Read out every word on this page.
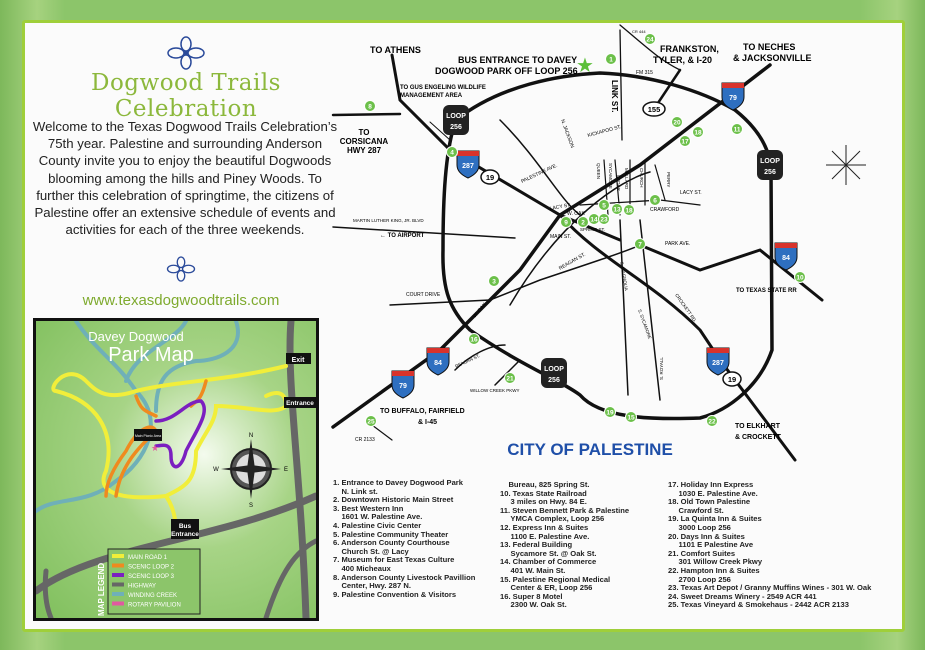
Dogwood Trails Celebration
Welcome to the Texas Dogwood Trails Celebration’s 75th year. Palestine and surrounding Anderson County invite you to enjoy the beautiful Dogwoods blooming among the hills and Piney Woods. To further this celebration of springtime, the citizens of Palestine offer an extensive schedule of events and activities for each of the three weekends.
www.texasdogwoodtrails.com
Davey Dogwood
Park Map	Exit
Entrance
Main Picnic Area
★
Bus
Entrance
N
S
E
W
MAP LEGEND
MAIN ROAD 1
SCENIC LOOP 2
SCENIC LOOP 3
HIGHWAY
WINDING CREEK
ROTARY PAVILION
TO ATHENS
BUS ENTRANCE TO DAVEY
DOGWOOD PARK OFF LOOP 256
★
FRANKSTON,
TYLER, & I-20
TO NECHES
& JACKSONVILLE
TO GUS ENGELING WILDLIFE
MANAGEMENT AREA
TO
CORSICANA
HWY 287
CR 444
FM 315
LINK ST.
N. JACKSON KICKAPOO ST.
PALESTINE AVE.	QUEEN SYCAMORE MALLARD
CEDAR	CHURCH	PERRY
LACY ST.
LACY ST.
W. OAK
CRAWFORD
MARTIN LUTHER KING, JR. BLVD
← TO AIRPORT	MAIN ST.
SPRING ST.
PARK AVE.
REAGAN ST.
COURT DRIVE
W. OAK
S. MAGNOLIA
S. SYCAMORE
CROCKETT RD.
S. ROYALL
TO TEXAS STATE RR
REAGAN ST.
WILLOW CREEK PKWY
TO BUFFALO, FAIRFIELD
& I-45
CR 2133
TO ELKHART
& CROCKETT
CITY OF PALESTINE
LOOP
256
LOOP
256
LOOP
256
287
287
84
84
79
79
19
19
155
1
24
8
4
20
17
18	11
5
13 18
6
9 2 14 23
7
3
16
21
10
25
19
15
22
1. Entrance to Davey Dogwood Park
N. Link st.
2. Downtown Historic Main Street
3. Best Western Inn
1601 W. Palestine Ave.
4. Palestine Civic Center
5. Palestine Community Theater
6. Anderson County Courthouse
Church St. @ Lacy
7. Museum for East Texas Culture
400 Micheaux
8. Anderson County Livestock Pavillion
Center, Hwy. 287 N.
9. Palestine Convention & Visitors
Bureau, 825 Spring St.
10. Texas State Railroad
3 miles on Hwy. 84 E.
11. Steven Bennett Park & Palestine
YMCA Complex, Loop 256
12. Express Inn & Suites
1100 E. Palestine Ave.
13. Federal Building
Sycamore St. @ Oak St.
14. Chamber of Commerce
401 W. Main St.
15. Palestine Regional Medical
Center & ER, Loop 256
16. Super 8 Motel
2300 W. Oak St.
17. Holiday Inn Express
1030 E. Palestine Ave.
18. Old Town Palestine
Crawford St.
19. La Quinta Inn & Suites
3000 Loop 256
20. Days Inn & Suites
1101 E Palestine Ave
21. Comfort Suites
301 Willow Creek Pkwy
22. Hampton Inn & Suites
2700 Loop 256
23. Texas Art Depot / Granny Muffins Wines - 301 W. Oak
24. Sweet Dreams Winery - 2549 ACR 441
25. Texas Vineyard & Smokehaus - 2442 ACR 2133
